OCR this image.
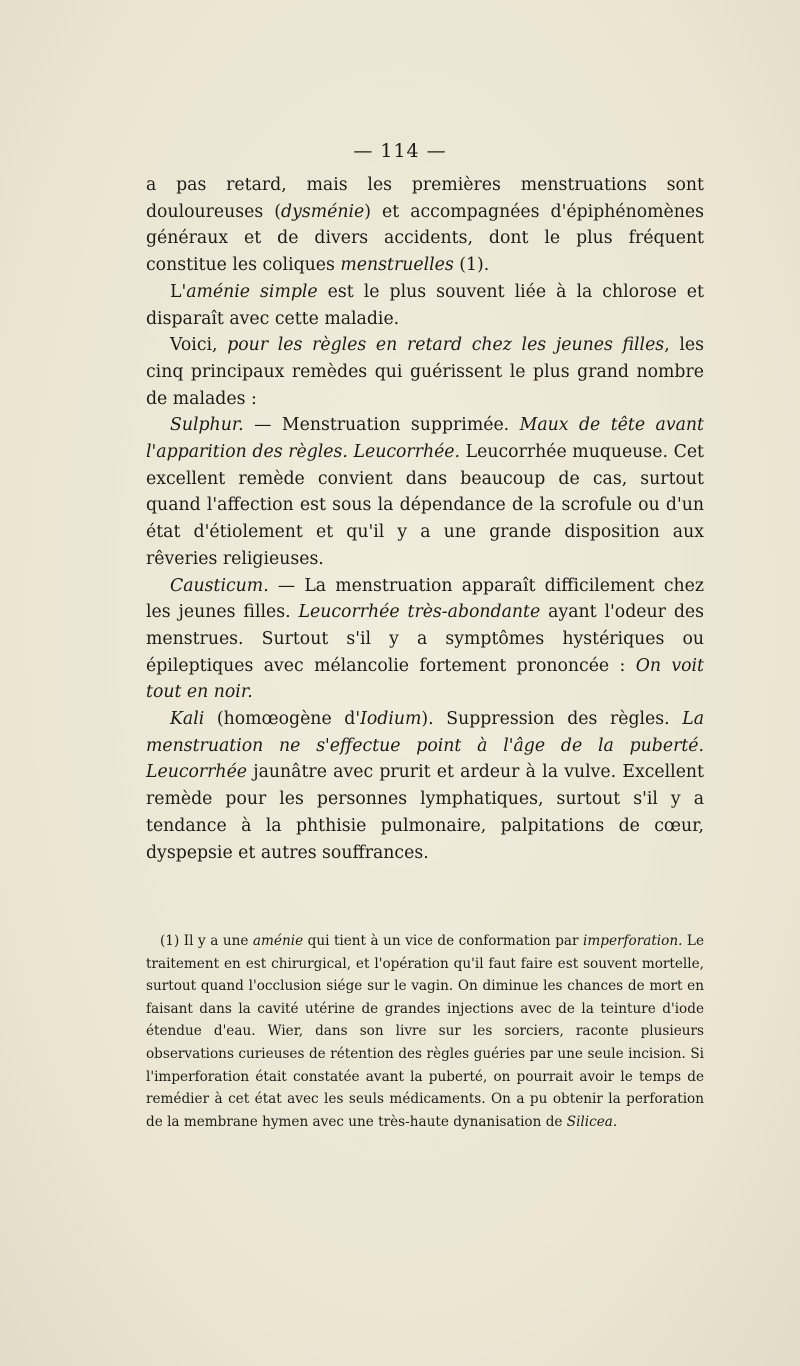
— 114 —

a pas retard, mais les premières menstruations sont douloureuses (dysménie) et accompagnées d'épiphénomènes généraux et de divers accidents, dont le plus fréquent constitue les coliques menstruelles (1).

L'aménie simple est le plus souvent liée à la chlorose et disparaît avec cette maladie.

Voici, pour les règles en retard chez les jeunes filles, les cinq principaux remèdes qui guérissent le plus grand nombre de malades :

Sulphur. — Menstruation supprimée. Maux de tête avant l'apparition des règles. Leucorrhée. Leucorrhée muqueuse. Cet excellent remède convient dans beaucoup de cas, surtout quand l'affection est sous la dépendance de la scrofule ou d'un état d'étiolement et qu'il y a une grande disposition aux rêveries religieuses.

Causticum. — La menstruation apparaît difficilement chez les jeunes filles. Leucorrhée très-abondante ayant l'odeur des menstrues. Surtout s'il y a symptômes hystériques ou épileptiques avec mélancolie fortement prononcée : On voit tout en noir.

Kali (homœogène d'Iodium). Suppression des règles. La menstruation ne s'effectue point à l'âge de la puberté. Leucorrhée jaunâtre avec prurit et ardeur à la vulve. Excellent remède pour les personnes lymphatiques, surtout s'il y a tendance à la phthisie pulmonaire, palpitations de cœur, dyspepsie et autres souffrances.

(1) Il y a une aménie qui tient à un vice de conformation par imperforation. Le traitement en est chirurgical, et l'opération qu'il faut faire est souvent mortelle, surtout quand l'occlusion siége sur le vagin. On diminue les chances de mort en faisant dans la cavité utérine de grandes injections avec de la teinture d'iode étendue d'eau. Wier, dans son livre sur les sorciers, raconte plusieurs observations curieuses de rétention des règles guéries par une seule incision. Si l'imperforation était constatée avant la puberté, on pourrait avoir le temps de remédier à cet état avec les seuls médicaments. On a pu obtenir la perforation de la membrane hymen avec une très-haute dynanisation de Silicea.
